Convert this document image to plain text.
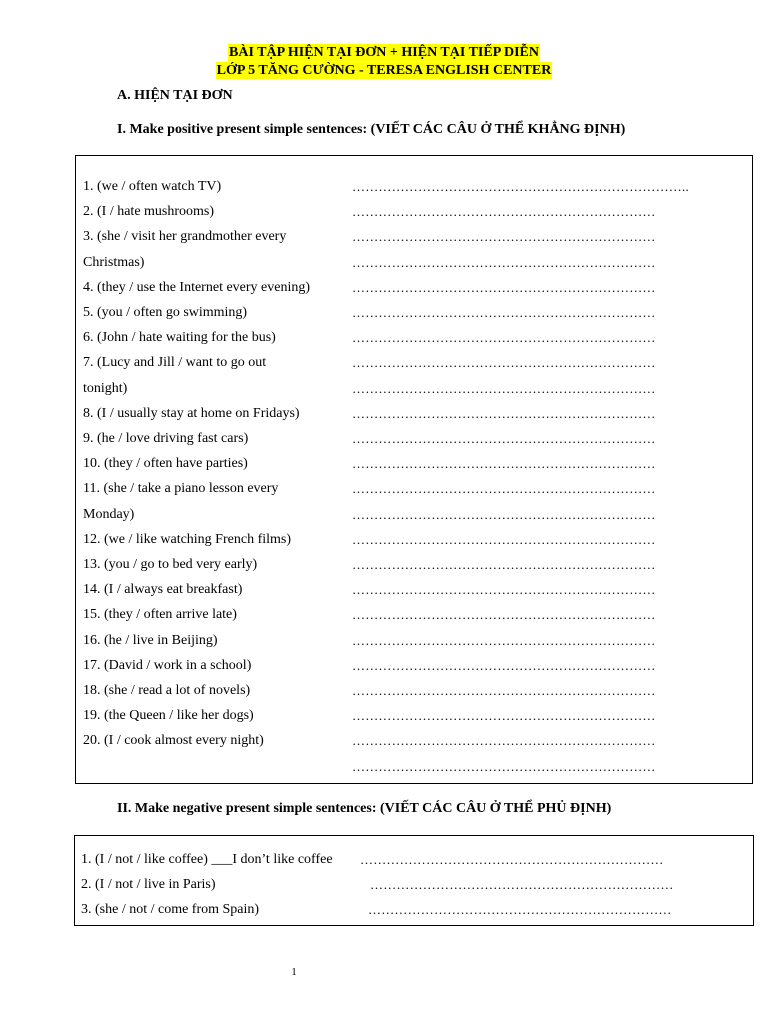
BÀI TẬP HIỆN TẠI ĐƠN + HIỆN TẠI TIẾP DIỄN
LỚP 5 TĂNG CƯỜNG - TERESA ENGLISH CENTER
A. HIỆN TẠI ĐƠN
I. Make positive present simple sentences: (VIẾT CÁC CÂU Ở THỂ KHẲNG ĐỊNH)
1. (we / often watch TV)	…………………………………………………………………..
2. (I / hate mushrooms)	……………………………………………………………
3. (she / visit her grandmother every	……………………………………………………………
Christmas)	……………………………………………………………
4. (they / use the Internet every evening)	……………………………………………………………
5. (you / often go swimming)	……………………………………………………………
6. (John / hate waiting for the bus)	……………………………………………………………
7. (Lucy and Jill / want to go out	……………………………………………………………
tonight)	……………………………………………………………
8. (I / usually stay at home on Fridays)	……………………………………………………………
9. (he / love driving fast cars)	……………………………………………………………
10. (they / often have parties)	……………………………………………………………
11. (she / take a piano lesson every	……………………………………………………………
Monday)	……………………………………………………………
12. (we / like watching French films)	……………………………………………………………
13. (you / go to bed very early)	……………………………………………………………
14. (I / always eat breakfast)	……………………………………………………………
15. (they / often arrive late)	……………………………………………………………
16. (he / live in Beijing)	……………………………………………………………
17. (David / work in a school)	……………………………………………………………
18. (she / read a lot of novels)	……………………………………………………………
19. (the Queen / like her dogs)	……………………………………………………………
20. (I / cook almost every night)	……………………………………………………………
……………………………………………………………
II. Make negative present simple sentences: (VIẾT CÁC CÂU Ở THỂ PHỦ ĐỊNH)
1. (I / not / like coffee) ___I don’t like coffee ……………………………………………………………
2. (I / not / live in Paris)	……………………………………………………………
3. (she / not / come from Spain)	……………………………………………………………
1
